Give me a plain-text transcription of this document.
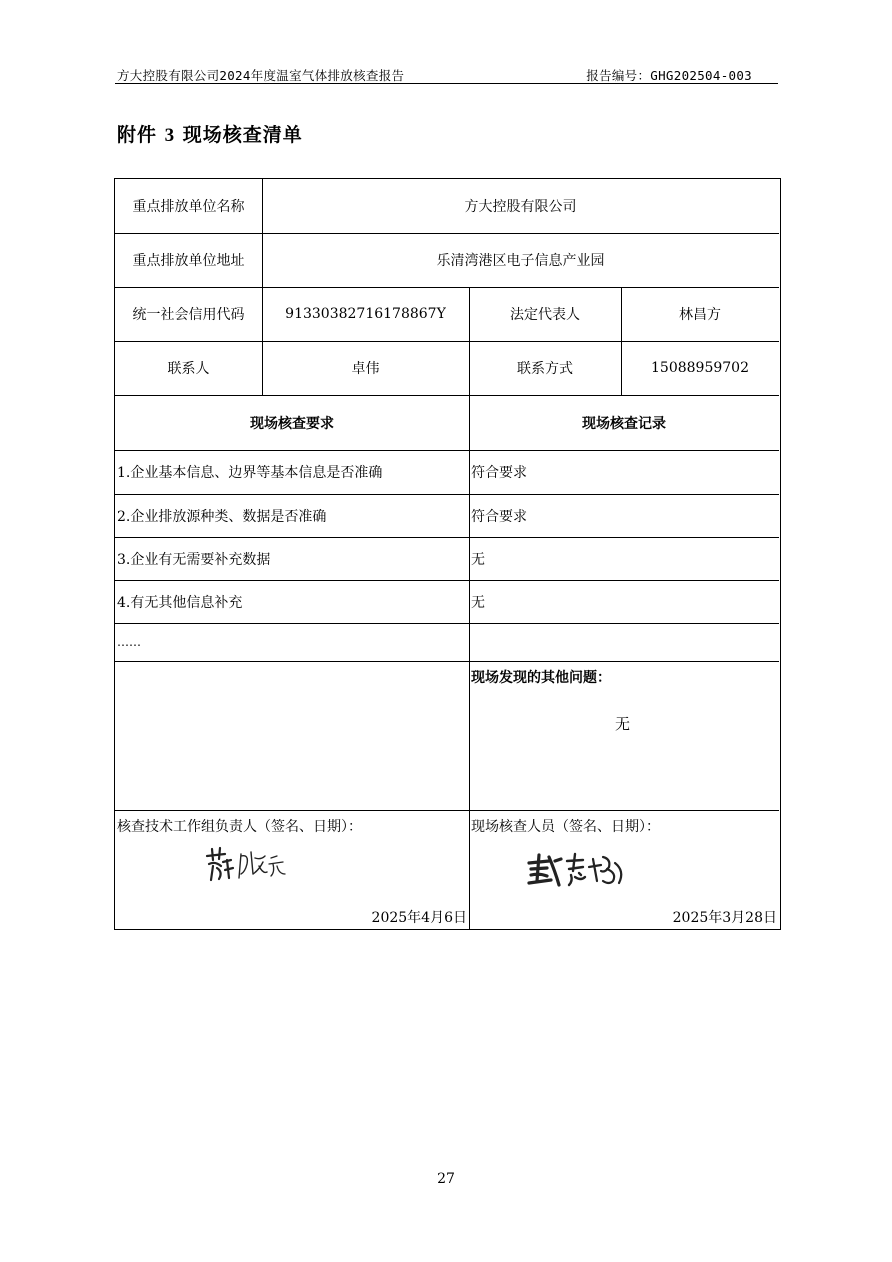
方大控股有限公司2024年度温室气体排放核查报告	报告编号：GHG202504-003
附件 3 现场核查清单
重点排放单位名称	方大控股有限公司
重点排放单位地址	乐清湾港区电子信息产业园
统一社会信用代码	91330382716178867Y	法定代表人	林昌方
联系人	卓伟	联系方式	15088959702
现场核查要求	现场核查记录
1.企业基本信息、边界等基本信息是否准确	符合要求
2.企业排放源种类、数据是否准确	符合要求
3.企业有无需要补充数据	无
4.有无其他信息补充	无
……
现场发现的其他问题：
无
核查技术工作组负责人（签名、日期）：	现场核查人员（签名、日期）：
2025年4月6日	2025年3月28日
27
